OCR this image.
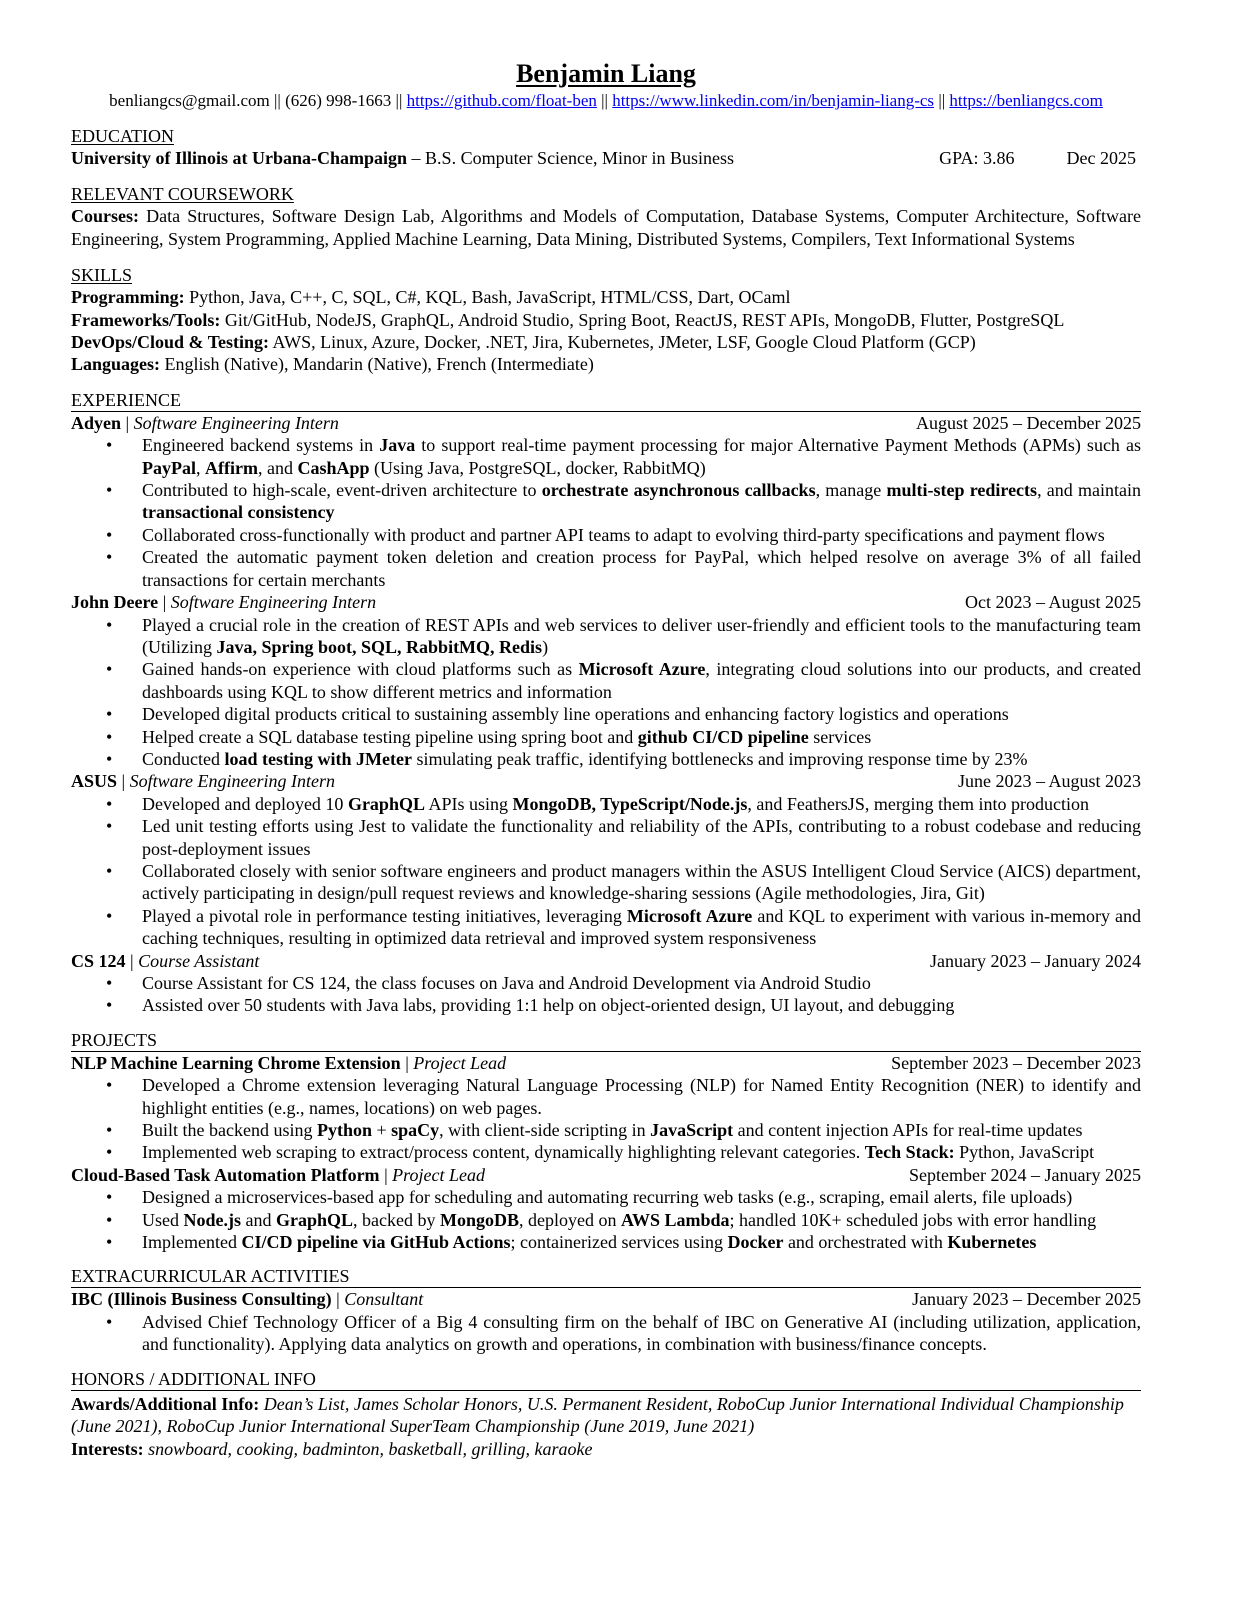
Benjamin Liang
benliangcs@gmail.com || (626) 998-1663 || https://github.com/float-ben || https://www.linkedin.com/in/benjamin-liang-cs || https://benliangcs.com
EDUCATION
University of Illinois at Urbana-Champaign – B.S. Computer Science, Minor in Business	GPA: 3.86	Dec 2025
RELEVANT COURSEWORK
Courses: Data Structures, Software Design Lab, Algorithms and Models of Computation, Database Systems, Computer Architecture, Software Engineering, System Programming, Applied Machine Learning, Data Mining, Distributed Systems, Compilers, Text Informational Systems
SKILLS
Programming: Python, Java, C++, C, SQL, C#, KQL, Bash, JavaScript, HTML/CSS, Dart, OCaml
Frameworks/Tools: Git/GitHub, NodeJS, GraphQL, Android Studio, Spring Boot, ReactJS, REST APIs, MongoDB, Flutter, PostgreSQL
DevOps/Cloud & Testing: AWS, Linux, Azure, Docker, .NET, Jira, Kubernetes, JMeter, LSF, Google Cloud Platform (GCP)
Languages: English (Native), Mandarin (Native), French (Intermediate)
EXPERIENCE
Adyen | Software Engineering Intern	August 2025 – December 2025
• Engineered backend systems in Java to support real-time payment processing for major Alternative Payment Methods (APMs) such as PayPal, Affirm, and CashApp (Using Java, PostgreSQL, docker, RabbitMQ)
• Contributed to high-scale, event-driven architecture to orchestrate asynchronous callbacks, manage multi-step redirects, and maintain transactional consistency
• Collaborated cross-functionally with product and partner API teams to adapt to evolving third-party specifications and payment flows
• Created the automatic payment token deletion and creation process for PayPal, which helped resolve on average 3% of all failed transactions for certain merchants
John Deere | Software Engineering Intern	Oct 2023 – August 2025
• Played a crucial role in the creation of REST APIs and web services to deliver user-friendly and efficient tools to the manufacturing team (Utilizing Java, Spring boot, SQL, RabbitMQ, Redis)
• Gained hands-on experience with cloud platforms such as Microsoft Azure, integrating cloud solutions into our products, and created dashboards using KQL to show different metrics and information
• Developed digital products critical to sustaining assembly line operations and enhancing factory logistics and operations
• Helped create a SQL database testing pipeline using spring boot and github CI/CD pipeline services
• Conducted load testing with JMeter simulating peak traffic, identifying bottlenecks and improving response time by 23%
ASUS | Software Engineering Intern	June 2023 – August 2023
• Developed and deployed 10 GraphQL APIs using MongoDB, TypeScript/Node.js, and FeathersJS, merging them into production
• Led unit testing efforts using Jest to validate the functionality and reliability of the APIs, contributing to a robust codebase and reducing post-deployment issues
• Collaborated closely with senior software engineers and product managers within the ASUS Intelligent Cloud Service (AICS) department, actively participating in design/pull request reviews and knowledge-sharing sessions (Agile methodologies, Jira, Git)
• Played a pivotal role in performance testing initiatives, leveraging Microsoft Azure and KQL to experiment with various in-memory and caching techniques, resulting in optimized data retrieval and improved system responsiveness
CS 124 | Course Assistant	January 2023 – January 2024
• Course Assistant for CS 124, the class focuses on Java and Android Development via Android Studio
• Assisted over 50 students with Java labs, providing 1:1 help on object-oriented design, UI layout, and debugging
PROJECTS
NLP Machine Learning Chrome Extension | Project Lead	September 2023 – December 2023
• Developed a Chrome extension leveraging Natural Language Processing (NLP) for Named Entity Recognition (NER) to identify and highlight entities (e.g., names, locations) on web pages.
• Built the backend using Python + spaCy, with client-side scripting in JavaScript and content injection APIs for real-time updates
• Implemented web scraping to extract/process content, dynamically highlighting relevant categories. Tech Stack: Python, JavaScript
Cloud-Based Task Automation Platform | Project Lead	September 2024 – January 2025
• Designed a microservices-based app for scheduling and automating recurring web tasks (e.g., scraping, email alerts, file uploads)
• Used Node.js and GraphQL, backed by MongoDB, deployed on AWS Lambda; handled 10K+ scheduled jobs with error handling
• Implemented CI/CD pipeline via GitHub Actions; containerized services using Docker and orchestrated with Kubernetes
EXTRACURRICULAR ACTIVITIES
IBC (Illinois Business Consulting) | Consultant	January 2023 – December 2025
• Advised Chief Technology Officer of a Big 4 consulting firm on the behalf of IBC on Generative AI (including utilization, application, and functionality). Applying data analytics on growth and operations, in combination with business/finance concepts.
HONORS / ADDITIONAL INFO
Awards/Additional Info: Dean’s List, James Scholar Honors, U.S. Permanent Resident, RoboCup Junior International Individual Championship (June 2021), RoboCup Junior International SuperTeam Championship (June 2019, June 2021)
Interests: snowboard, cooking, badminton, basketball, grilling, karaoke
